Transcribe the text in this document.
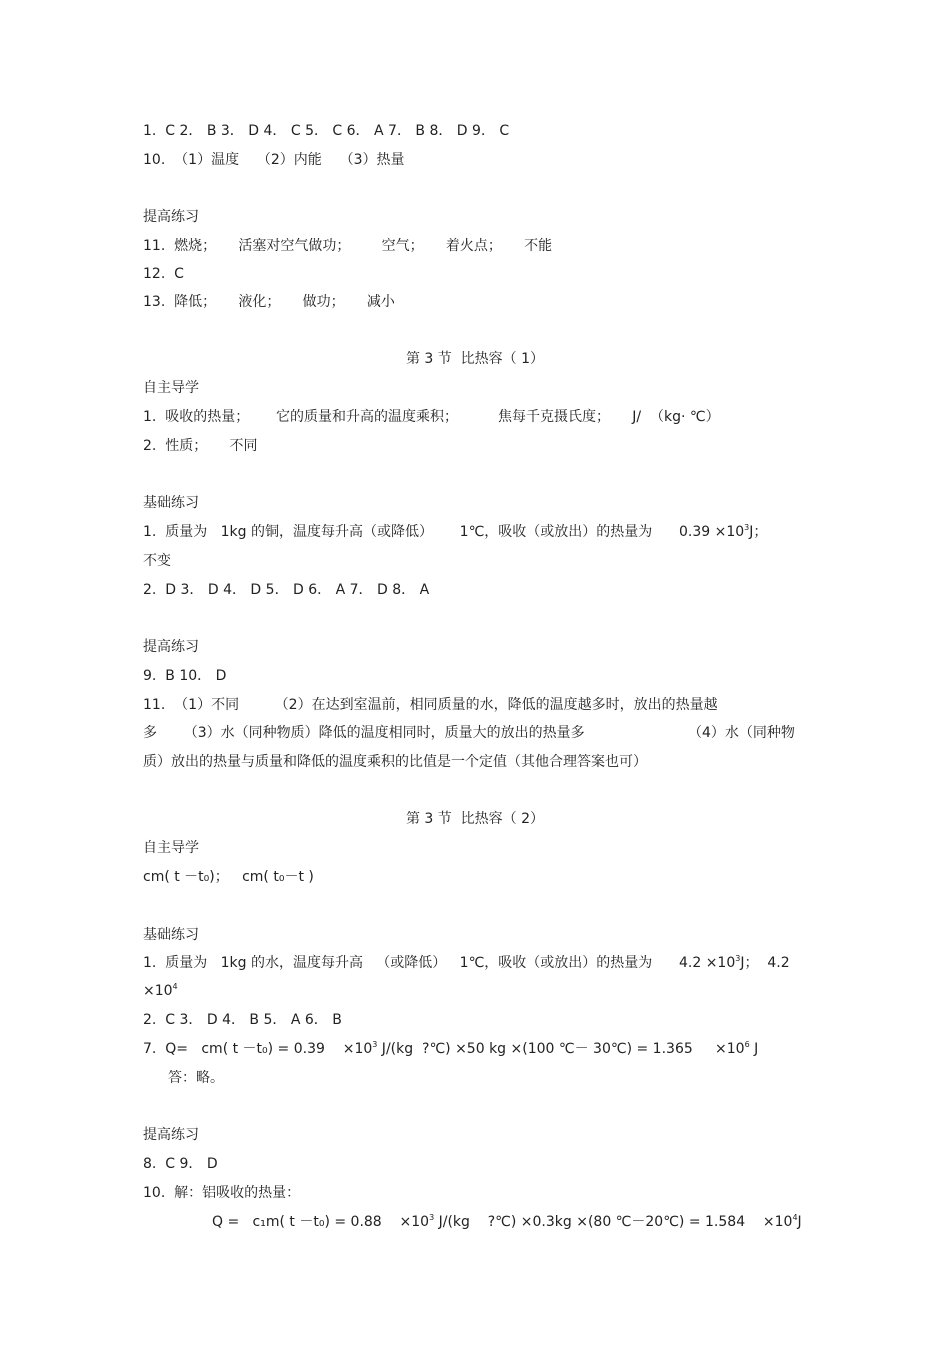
1.  C 2． B 3． D 4． C 5． C 6． A 7． B 8． D 9． C
10.  （1）温度    （2）内能    （3）热量
提高练习
11.  燃烧；     活塞对空气做功；       空气；     着火点；     不能
12.  C
13.  降低；     液化；     做功；     减小
第 3 节  比热容（ 1）
自主导学
1.  吸收的热量；      它的质量和升高的温度乘积；         焦每千克摄氏度；     J/  （kg· ℃）
2.  性质；     不同
基础练习
1.  质量为   1kg 的铜，温度每升高（或降低）      1℃，吸收（或放出）的热量为      $0.39 \times 10^3J$；
不变
2.  D 3． D 4． D 5． D 6． A 7． D 8． A
提高练习
9.  B 10． D
11.  （1）不同        （2）在达到室温前，相同质量的水，降低的温度越多时，放出的热量越
多      （3）水（同种物质）降低的温度相同时，质量大的放出的热量多	（4）水（同种物
质）放出的热量与质量和降低的温度乘积的比值是一个定值（其他合理答案也可）
第 3 节  比热容（ 2）
自主导学
cm( t －t₀)；   cm( t₀－t )
基础练习
1.  质量为   1kg 的水，温度每升高   （或降低）   1℃，吸收（或放出）的热量为      $4.2 \times 10^3J$；  4.2
$\times 10^4$
2.  C 3． D 4． B 5． A 6． B
7.  Q=   cm( t －t₀) = 0.39    $\times 10^3$ J/(kg  ?℃) ×50 kg ×(100 ℃－ 30℃) = 1.365     $\times 10^6$ J
答：略。
提高练习
8.  C 9． D
10.  解：铝吸收的热量：
Q =   c₁m( t －t₀) = 0.88    $\times 10^3$ J/(kg    ?℃) ×0.3kg ×(80 ℃－20℃) = 1.584    $\times 10^4J$
